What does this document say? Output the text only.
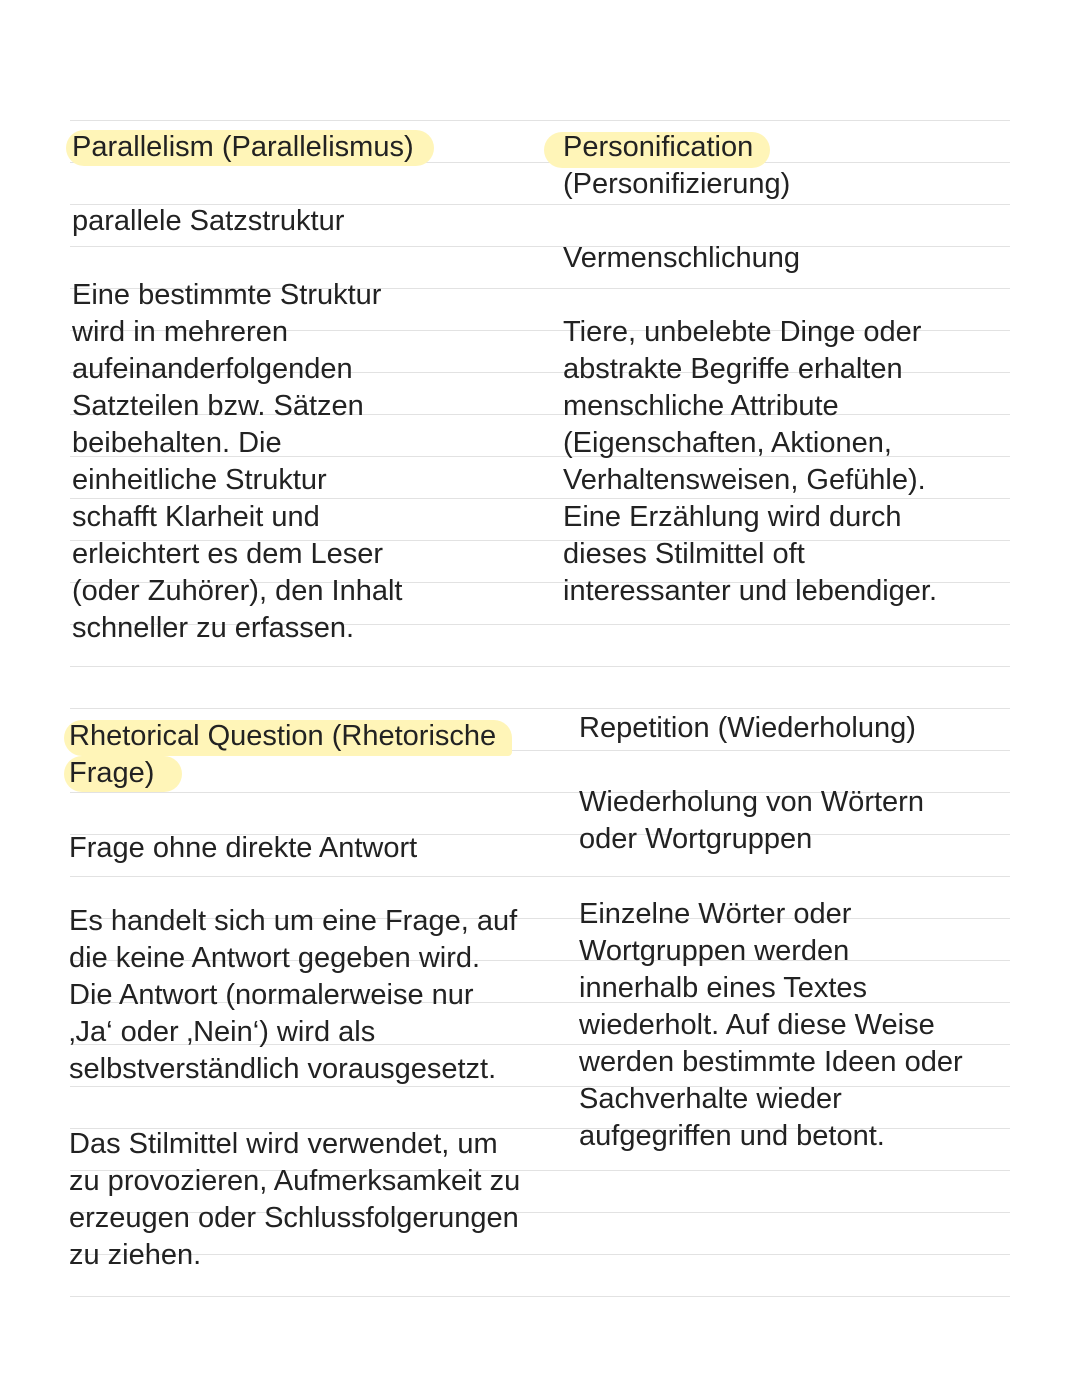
Parallelism (Parallelismus)
parallele Satzstruktur
Eine bestimmte Struktur
wird in mehreren
aufeinanderfolgenden
Satzteilen bzw. Sätzen
beibehalten. Die
einheitliche Struktur
schafft Klarheit und
erleichtert es dem Leser
(oder Zuhörer), den Inhalt
schneller zu erfassen.
Personification
(Personifizierung)
Vermenschlichung
Tiere, unbelebte Dinge oder
abstrakte Begriffe erhalten
menschliche Attribute
(Eigenschaften, Aktionen,
Verhaltensweisen, Gefühle).
Eine Erzählung wird durch
dieses Stilmittel oft
interessanter und lebendiger.
Rhetorical Question (Rhetorische
Frage)
Frage ohne direkte Antwort
Es handelt sich um eine Frage, auf
die keine Antwort gegeben wird.
Die Antwort (normalerweise nur
‚Ja‘ oder ‚Nein‘) wird als
selbstverständlich vorausgesetzt.
Das Stilmittel wird verwendet, um
zu provozieren, Aufmerksamkeit zu
erzeugen oder Schlussfolgerungen
zu ziehen.
Repetition (Wiederholung)
Wiederholung von Wörtern
oder Wortgruppen
Einzelne Wörter oder
Wortgruppen werden
innerhalb eines Textes
wiederholt. Auf diese Weise
werden bestimmte Ideen oder
Sachverhalte wieder
aufgegriffen und betont.
